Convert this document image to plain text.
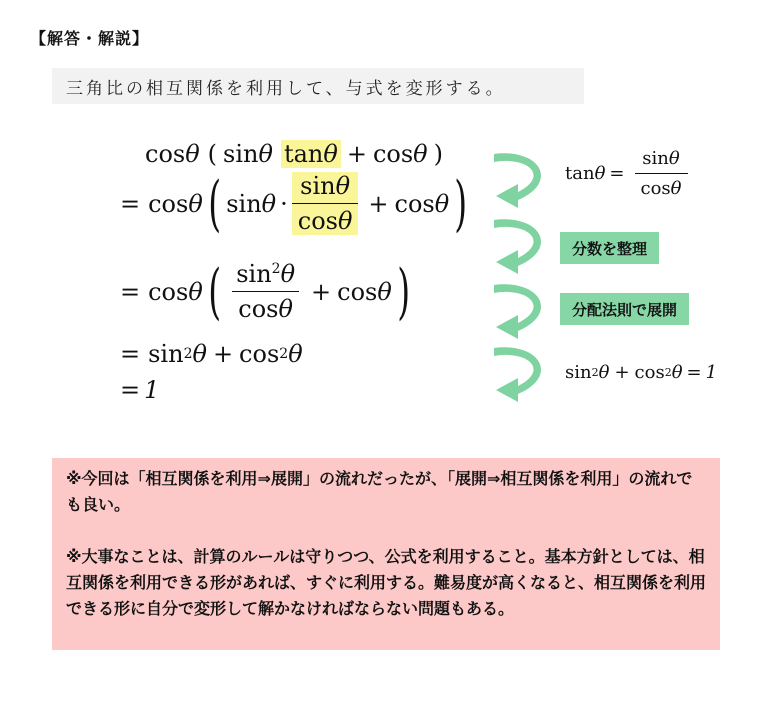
【解答・解説】
三角比の相互関係を利用して、与式を変形する。
cos θ ( sin θ tanθ + cos θ )
= cos θ ( $\sin \theta \cdot \frac{\sin\theta}{\cos\theta} + \cos \theta$ )
= cos θ ( $\frac{\sin^2\theta}{\cos\theta} + \cos \theta$ )
= sin 2 θ + cos 2 θ
= 1
$\tan \theta = \frac{\sin\theta}{\cos\theta}$
分数を整理
分配法則で展開
sin 2 θ + cos 2 θ = 1

※今回は「相互関係を利用⇒展開」の流れだったが、「展開⇒相互関係を利用」の流れでも良い。

※大事なことは、計算のルールは守りつつ、公式を利用すること。基本方針としては、相互関係を利用できる形があれば、すぐに利用する。難易度が高くなると、相互関係を利用できる形に自分で変形して解かなければならない問題もある。
